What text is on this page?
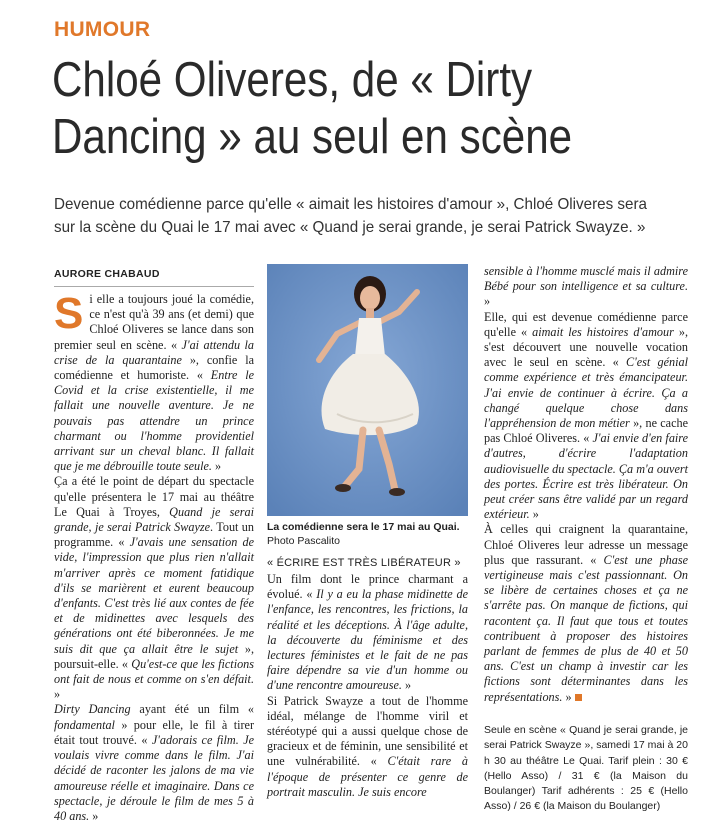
HUMOUR
Chloé Oliveres, de « Dirty
Dancing » au seul en scène

Devenue comédienne parce qu'elle « aimait les histoires d'amour », Chloé Oliveres sera sur la scène du Quai le 17 mai avec « Quand je serai grande, je serai Patrick Swayze. »

AURORE CHABAUD

Si elle a toujours joué la comédie, ce n'est qu'à 39 ans (et demi) que Chloé Oliveres se lance dans son premier seul en scène. « J'ai attendu la crise de la quarantaine », confie la comédienne et humoriste. « Entre le Covid et la crise existentielle, il me fallait une nouvelle aventure. Je ne pouvais pas attendre un prince charmant ou l'homme providentiel arrivant sur un cheval blanc. Il fallait que je me débrouille toute seule. »

Ça a été le point de départ du spectacle qu'elle présentera le 17 mai au théâtre Le Quai à Troyes, Quand je serai grande, je serai Patrick Swayze. Tout un programme. « J'avais une sensation de vide, l'impression que plus rien n'allait m'arriver après ce moment fatidique d'ils se marièrent et eurent beaucoup d'enfants. C'est très lié aux contes de fée et de midinettes avec lesquels des générations ont été biberonnées. Je me suis dit que ça allait être le sujet », poursuit-elle. « Qu'est-ce que les fictions ont fait de nous et comme on s'en défait. »

Dirty Dancing ayant été un film « fondamental » pour elle, le fil à tirer était tout trouvé. « J'adorais ce film. Je voulais vivre comme dans le film. J'ai décidé de raconter les jalons de ma vie amoureuse réelle et imaginaire. Dans ce spectacle, je déroule le film de mes 5 à 40 ans. »

La comédienne sera le 17 mai au Quai. Photo Pascalito
« ÉCRIRE EST TRÈS LIBÉRATEUR »

Un film dont le prince charmant a évolué. « Il y a eu la phase midinette de l'enfance, les rencontres, les frictions, la réalité et les déceptions. À l'âge adulte, la découverte du féminisme et des lectures féministes et le fait de ne pas faire dépendre sa vie d'un homme ou d'une rencontre amoureuse. »

Si Patrick Swayze a tout de l'homme idéal, mélange de l'homme viril et stéréotypé qui a aussi quelque chose de gracieux et de féminin, une sensibilité et une vulnérabilité. « C'était rare à l'époque de présenter ce genre de portrait masculin. Je suis encore

sensible à l'homme musclé mais il admire Bébé pour son intelligence et sa culture. »

Elle, qui est devenue comédienne parce qu'elle « aimait les histoires d'amour », s'est découvert une nouvelle vocation avec le seul en scène. « C'est génial comme expérience et très émancipateur. J'ai envie de continuer à écrire. Ça a changé quelque chose dans l'appréhension de mon métier », ne cache pas Chloé Oliveres. « J'ai envie d'en faire d'autres, d'écrire l'adaptation audiovisuelle du spectacle. Ça m'a ouvert des portes. Écrire est très libérateur. On peut créer sans être validé par un regard extérieur. »

À celles qui craignent la quarantaine, Chloé Oliveres leur adresse un message plus que rassurant. « C'est une phase vertigineuse mais c'est passionnant. On se libère de certaines choses et ça ne s'arrête pas. On manque de fictions, qui racontent ça. Il faut que tous et toutes contribuent à proposer des histoires parlant de femmes de plus de 40 et 50 ans. C'est un champ à investir car les fictions sont déterminantes dans les représentations. »

Seule en scène « Quand je serai grande, je serai Patrick Swayze », samedi 17 mai à 20 h 30 au théâtre Le Quai. Tarif plein : 30 € (Hello Asso) / 31 € (la Maison du Boulanger) Tarif adhérents : 25 € (Hello Asso) / 26 € (la Maison du Boulanger)
